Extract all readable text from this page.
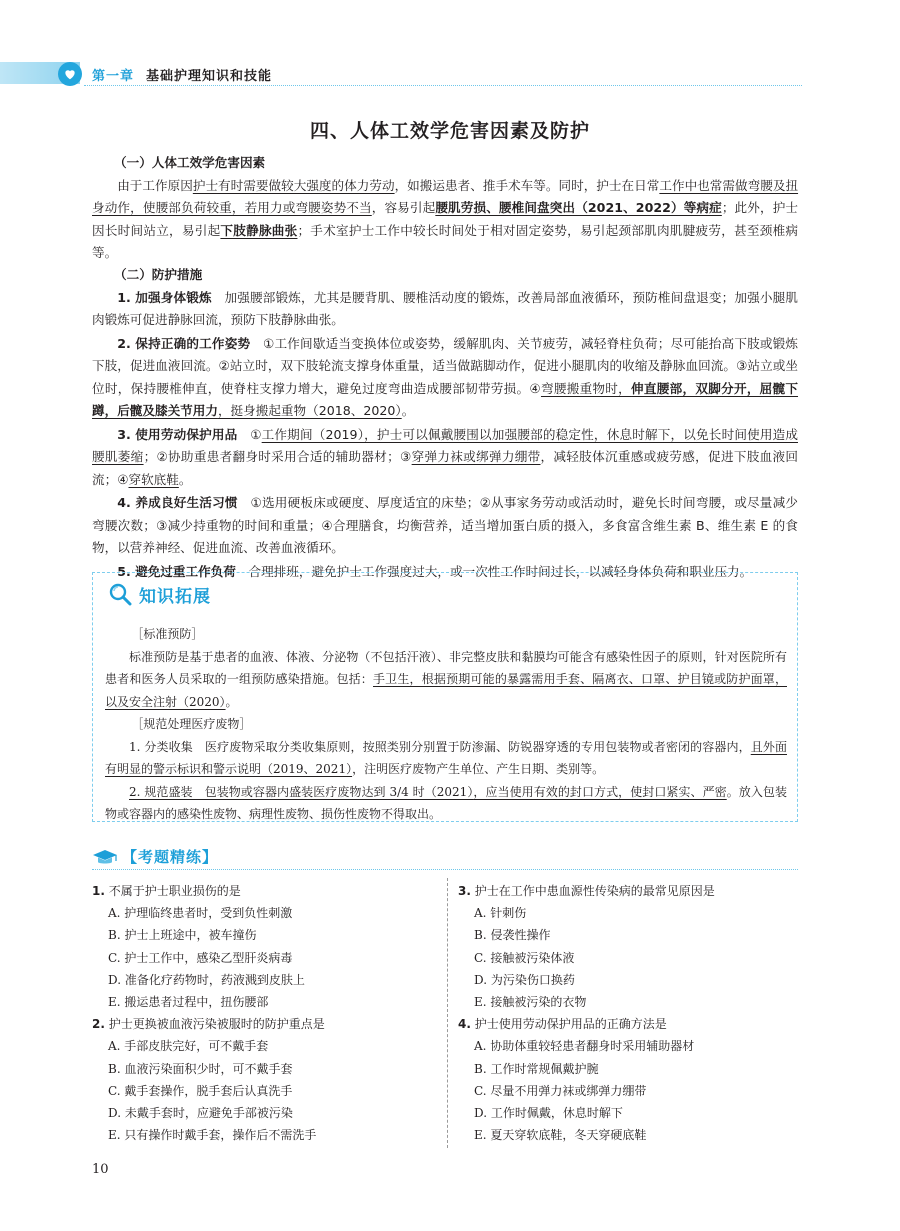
第一章 基础护理知识和技能
四、人体工效学危害因素及防护
（一）人体工效学危害因素

由于工作原因护士有时需要做较大强度的体力劳动，如搬运患者、推手术车等。同时，护士在日常工作中也常需做弯腰及扭身动作，使腰部负荷较重，若用力或弯腰姿势不当，容易引起腰肌劳损、腰椎间盘突出（2021、2022）等病症；此外，护士因长时间站立，易引起下肢静脉曲张；手术室护士工作中较长时间处于相对固定姿势，易引起颈部肌肉肌腱疲劳，甚至颈椎病等。

（二）防护措施

1. 加强身体锻炼　 加强腰部锻炼，尤其是腰背肌、腰椎活动度的锻炼，改善局部血液循环，预防椎间盘退变；加强小腿肌肉锻炼可促进静脉回流，预防下肢静脉曲张。

2. 保持正确的工作姿势　 ①工作间歇适当变换体位或姿势，缓解肌肉、关节疲劳，减轻脊柱负荷；尽可能抬高下肢或锻炼下肢，促进血液回流。②站立时，双下肢轮流支撑身体重量，适当做踮脚动作，促进小腿肌肉的收缩及静脉血回流。③站立或坐位时，保持腰椎伸直，使脊柱支撑力增大，避免过度弯曲造成腰部韧带劳损。④弯腰搬重物时，伸直腰部，双脚分开，屈髋下蹲，后髋及膝关节用力，挺身搬起重物（2018、2020）。

3. 使用劳动保护用品　 ①工作期间（2019），护士可以佩戴腰围以加强腰部的稳定性，休息时解下，以免长时间使用造成腰肌萎缩；②协助重患者翻身时采用合适的辅助器材；③穿弹力袜或绑弹力绷带，减轻肢体沉重感或疲劳感，促进下肢血液回流；④穿软底鞋。

4. 养成良好生活习惯　 ①选用硬板床或硬度、厚度适宜的床垫；②从事家务劳动或活动时，避免长时间弯腰，或尽量减少弯腰次数；③减少持重物的时间和重量；④合理膳食，均衡营养，适当增加蛋白质的摄入，多食富含维生素 B、维生素 E 的食物，以营养神经、促进血流、改善血液循环。

5. 避免过重工作负荷　 合理排班，避免护士工作强度过大，或一次性工作时间过长，以减轻身体负荷和职业压力。

知识拓展
［标准预防］

标准预防是基于患者的血液、体液、分泌物（不包括汗液）、非完整皮肤和黏膜均可能含有感染性因子的原则，针对医院所有患者和医务人员采取的一组预防感染措施。包括：手卫生，根据预期可能的暴露需用手套、隔离衣、口罩、护目镜或防护面罩，以及安全注射（2020）。

［规范处理医疗废物］

1. 分类收集　医疗废物采取分类收集原则，按照类别分别置于防渗漏、防锐器穿透的专用包装物或者密闭的容器内，且外面有明显的警示标识和警示说明（2019、2021），注明医疗废物产生单位、产生日期、类别等。

2. 规范盛装　包装物或容器内盛装医疗废物达到 3/4 时（2021），应当使用有效的封口方式，使封口紧实、严密。放入包装物或容器内的感染性废物、病理性废物、损伤性废物不得取出。

【考题精练】
1. 不属于护士职业损伤的是
A. 护理临终患者时，受到负性刺激
B. 护士上班途中，被车撞伤
C. 护士工作中，感染乙型肝炎病毒
D. 准备化疗药物时，药液溅到皮肤上
E. 搬运患者过程中，扭伤腰部
2. 护士更换被血液污染被服时的防护重点是
A. 手部皮肤完好，可不戴手套
B. 血液污染面积少时，可不戴手套
C. 戴手套操作，脱手套后认真洗手
D. 未戴手套时，应避免手部被污染
E. 只有操作时戴手套，操作后不需洗手
3. 护士在工作中患血源性传染病的最常见原因是
A. 针刺伤
B. 侵袭性操作
C. 接触被污染体液
D. 为污染伤口换药
E. 接触被污染的衣物
4. 护士使用劳动保护用品的正确方法是
A. 协助体重较轻患者翻身时采用辅助器材
B. 工作时常规佩戴护腕
C. 尽量不用弹力袜或绑弹力绷带
D. 工作时佩戴，休息时解下
E. 夏天穿软底鞋，冬天穿硬底鞋
10
